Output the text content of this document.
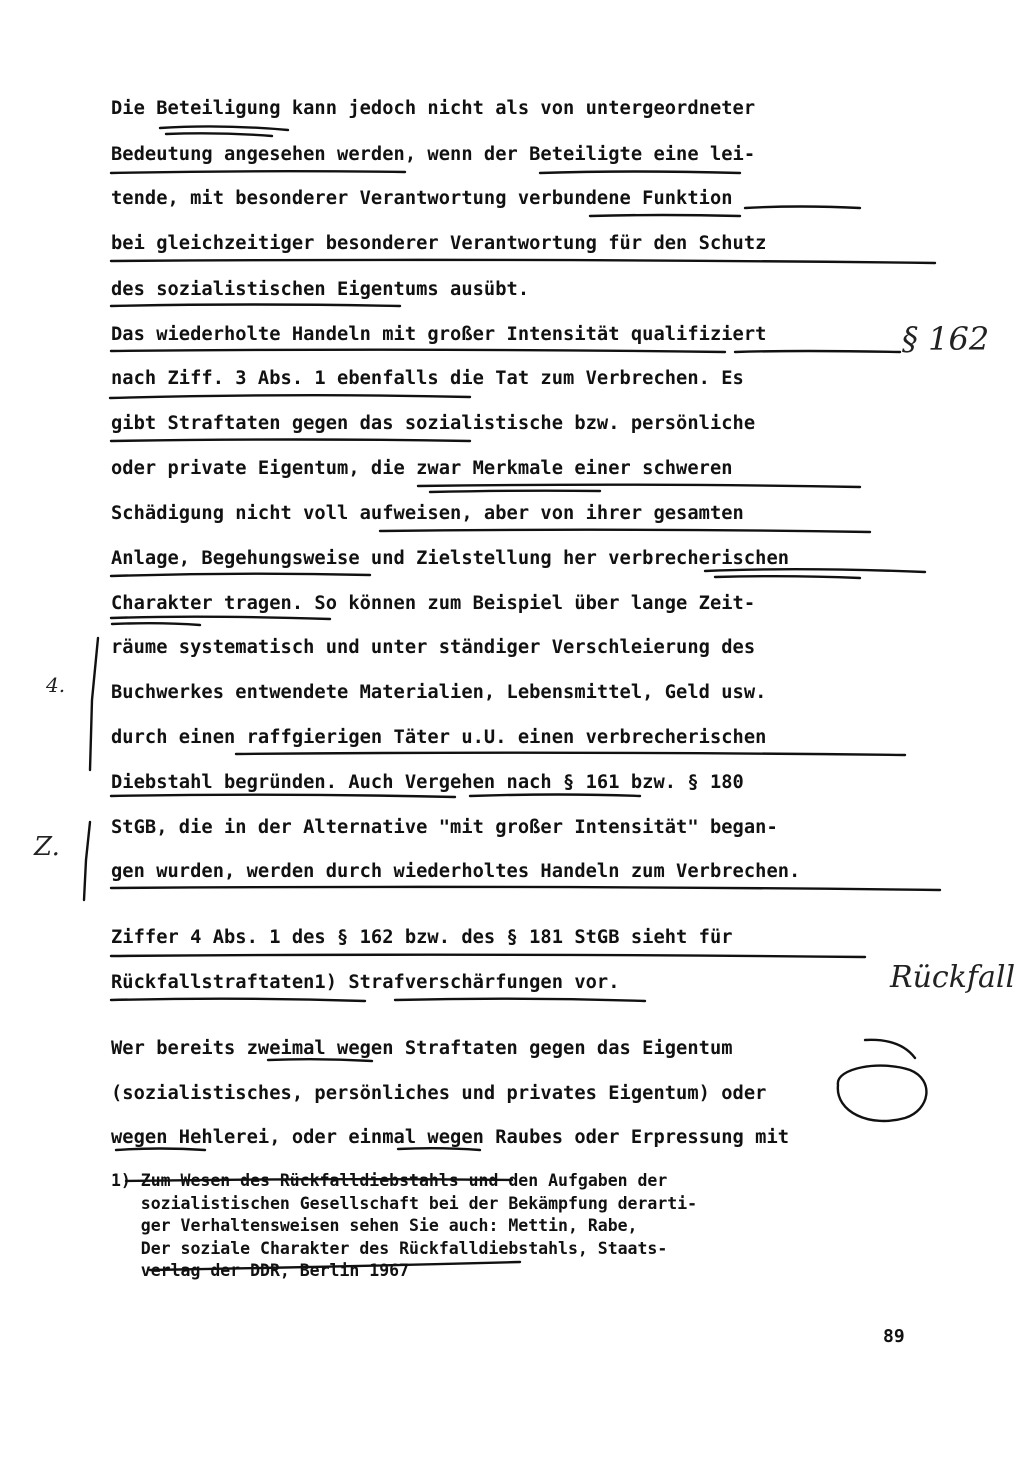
Die Beteiligung kann jedoch nicht als von untergeordneter
Bedeutung angesehen werden, wenn der Beteiligte eine lei-
tende, mit besonderer Verantwortung verbundene Funktion
bei gleichzeitiger besonderer Verantwortung für den Schutz
des sozialistischen Eigentums ausübt.
Das wiederholte Handeln mit großer Intensität qualifiziert
nach Ziff. 3 Abs. 1 ebenfalls die Tat zum Verbrechen. Es
gibt Straftaten gegen das sozialistische bzw. persönliche
oder private Eigentum, die zwar Merkmale einer schweren
Schädigung nicht voll aufweisen, aber von ihrer gesamten
Anlage, Begehungsweise und Zielstellung her verbrecherischen
Charakter tragen. So können zum Beispiel über lange Zeit-
räume systematisch und unter ständiger Verschleierung des
Buchwerkes entwendete Materialien, Lebensmittel, Geld usw.
durch einen raffgierigen Täter u.U. einen verbrecherischen
Diebstahl begründen. Auch Vergehen nach § 161 bzw. § 180
StGB, die in der Alternative "mit großer Intensität" began-
gen wurden, werden durch wiederholtes Handeln zum Verbrechen.
Ziffer 4 Abs. 1 des § 162 bzw. des § 181 StGB sieht für
Rückfallstraftaten1) Strafverschärfungen vor.
Wer bereits zweimal wegen Straftaten gegen das Eigentum
(sozialistisches, persönliches und privates Eigentum) oder
wegen Hehlerei, oder einmal wegen Raubes oder Erpressung mit
1) Zum Wesen des Rückfalldiebstahls und den Aufgaben der
sozialistischen Gesellschaft bei der Bekämpfung derarti-
ger Verhaltensweisen sehen Sie auch: Mettin, Rabe,
Der soziale Charakter des Rückfalldiebstahls, Staats-
verlag der DDR, Berlin 1967
§ 162
4.
Z.
Rückfall
89
